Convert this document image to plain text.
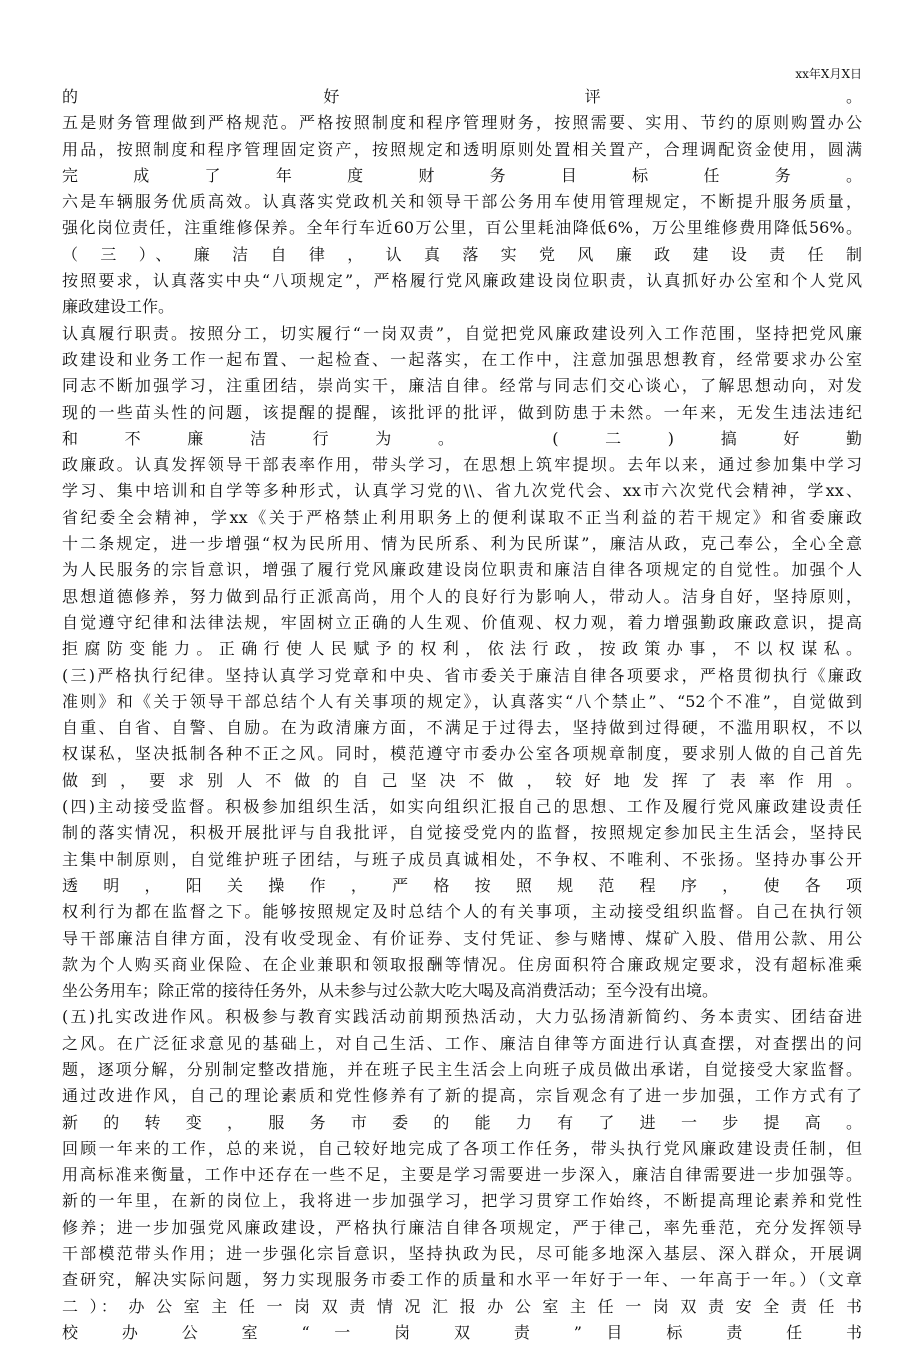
xx年X月X日
的 好 评 。
五是财务管理做到严格规范。严格按照制度和程序管理财务，按照需要、实用、节约的原则购置办公
用品，按照制度和程序管理固定资产，按照规定和透明原则处置相关置产，合理调配资金使用，圆满
完 成 了 年 度 财 务 目 标 任 务 。
六是车辆服务优质高效。认真落实党政机关和领导干部公务用车使用管理规定，不断提升服务质量，
强化岗位责任，注重维修保养。全年行车近60万公里，百公里耗油降低6%，万公里维修费用降低56%。
（ 三 ）、 廉 洁 自 律 ， 认 真 落 实 党 风 廉 政 建 设 责 任 制
按照要求，认真落实中央“八项规定”，严格履行党风廉政建设岗位职责，认真抓好办公室和个人党风
廉政建设工作。
认真履行职责。按照分工，切实履行“一岗双责”，自觉把党风廉政建设列入工作范围，坚持把党风廉
政建设和业务工作一起布置、一起检查、一起落实，在工作中，注意加强思想教育，经常要求办公室
同志不断加强学习，注重团结，崇尚实干，廉洁自律。经常与同志们交心谈心，了解思想动向，对发
现的一些苗头性的问题，该提醒的提醒，该批评的批评，做到防患于未然。一年来，无发生违法违纪
和不廉洁行为。 (二)搞好勤
政廉政。认真发挥领导干部表率作用，带头学习，在思想上筑牢提坝。去年以来，通过参加集中学习
学习、集中培训和自学等多种形式，认真学习党的\\、省九次党代会、xx市六次党代会精神，学xx、
省纪委全会精神，学xx《关于严格禁止利用职务上的便利谋取不正当利益的若干规定》和省委廉政
十二条规定，进一步增强“权为民所用、情为民所系、利为民所谋”，廉洁从政，克己奉公，全心全意
为人民服务的宗旨意识，增强了履行党风廉政建设岗位职责和廉洁自律各项规定的自觉性。加强个人
思想道德修养，努力做到品行正派高尚，用个人的良好行为影响人，带动人。洁身自好，坚持原则，
自觉遵守纪律和法律法规，牢固树立正确的人生观、价值观、权力观，着力增强勤政廉政意识，提高
拒 腐 防 变 能 力 。 正 确 行 使 人 民 赋 予 的 权 利 ， 依 法 行 政 ， 按 政 策 办 事 ， 不 以 权 谋 私 。
(三)严格执行纪律。坚持认真学习党章和中央、省市委关于廉洁自律各项要求，严格贯彻执行《廉政
准则》和《关于领导干部总结个人有关事项的规定》，认真落实“八个禁止”、“52个不准”，自觉做到
自重、自省、自警、自励。在为政清廉方面，不满足于过得去，坚持做到过得硬，不滥用职权，不以
权谋私，坚决抵制各种不正之风。同时，模范遵守市委办公室各项规章制度，要求别人做的自己首先
做 到 ， 要 求 别 人 不 做 的 自 己 坚 决 不 做 ， 较 好 地 发 挥 了 表 率 作 用 。
(四)主动接受监督。积极参加组织生活，如实向组织汇报自己的思想、工作及履行党风廉政建设责任
制的落实情况，积极开展批评与自我批评，自觉接受党内的监督，按照规定参加民主生活会，坚持民
主集中制原则，自觉维护班子团结，与班子成员真诚相处，不争权、不唯利、不张扬。坚持办事公开
透 明 ， 阳 关 操 作 ， 严 格 按 照 规 范 程 序 ， 使 各 项
权利行为都在监督之下。能够按照规定及时总结个人的有关事项，主动接受组织监督。自己在执行领
导干部廉洁自律方面，没有收受现金、有价证券、支付凭证、参与赌博、煤矿入股、借用公款、用公
款为个人购买商业保险、在企业兼职和领取报酬等情况。住房面积符合廉政规定要求，没有超标准乘
坐公务用车；除正常的接待任务外，从未参与过公款大吃大喝及高消费活动；至今没有出境。
(五)扎实改进作风。积极参与教育实践活动前期预热活动，大力弘扬清新简约、务本责实、团结奋进
之风。在广泛征求意见的基础上，对自己生活、工作、廉洁自律等方面进行认真查摆，对查摆出的问
题，逐项分解，分别制定整改措施，并在班子民主生活会上向班子成员做出承诺，自觉接受大家监督。
通过改进作风，自己的理论素质和党性修养有了新的提高，宗旨观念有了进一步加强，工作方式有了
新 的 转 变 ， 服 务 市 委 的 能 力 有 了 进 一 步 提 高 。
回顾一年来的工作，总的来说，自己较好地完成了各项工作任务，带头执行党风廉政建设责任制，但
用高标准来衡量，工作中还存在一些不足，主要是学习需要进一步深入，廉洁自律需要进一步加强等。
新的一年里，在新的岗位上，我将进一步加强学习，把学习贯穿工作始终，不断提高理论素养和党性
修养；进一步加强党风廉政建设，严格执行廉洁自律各项规定，严于律己，率先垂范，充分发挥领导
干部模范带头作用；进一步强化宗旨意识，坚持执政为民，尽可能多地深入基层、深入群众，开展调
查研究，解决实际问题，努力实现服务市委工作的质量和水平一年好于一年、一年高于一年。）（文章
二 ）： 办 公 室 主 任 一 岗 双 责 情 况 汇 报 办 公 室 主 任 一 岗 双 责 安 全 责 任 书
校 办 公 室 “ 一 岗 双 责 ” 目 标 责 任 书
